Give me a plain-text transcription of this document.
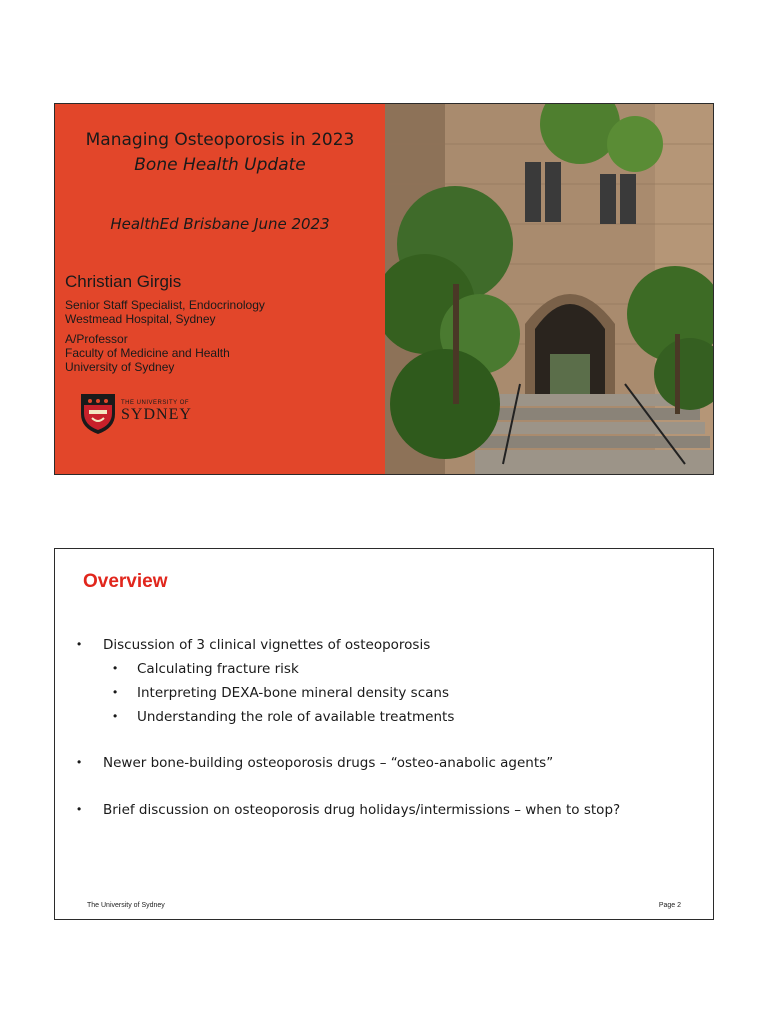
Managing Osteoporosis in 2023
Bone Health Update
HealthEd Brisbane June 2023
Christian Girgis
Senior Staff Specialist, Endocrinology
Westmead Hospital, Sydney
A/Professor
Faculty of Medicine and Health
University of Sydney
THE UNIVERSITY OF
SYDNEY
Overview
• Discussion of 3 clinical vignettes of osteoporosis
• Calculating fracture risk
• Interpreting DEXA-bone mineral density scans
• Understanding the role of available treatments
• Newer bone-building osteoporosis drugs – “osteo-anabolic agents”
• Brief discussion on osteoporosis drug holidays/intermissions – when to stop?
The University of Sydney	Page 2
